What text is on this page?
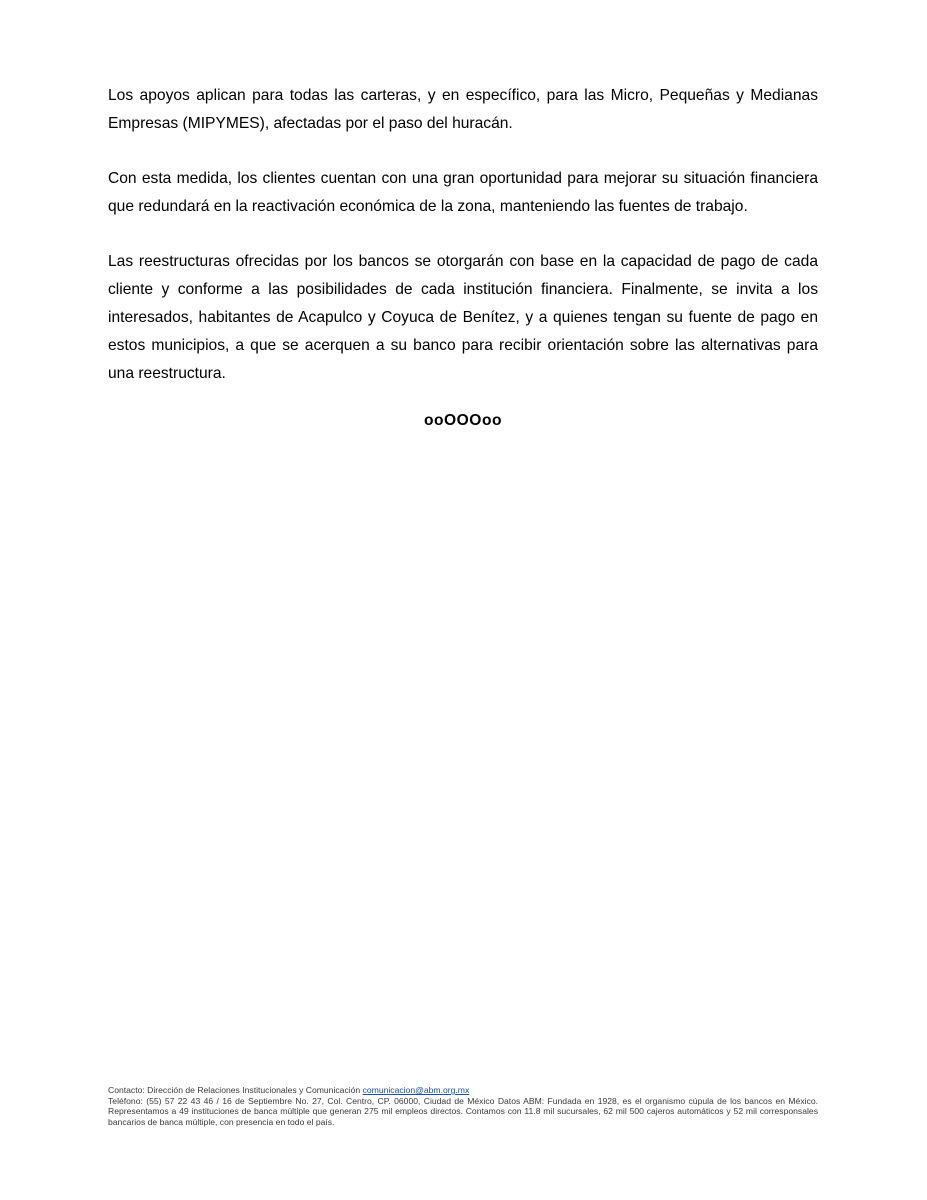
Los apoyos aplican para todas las carteras, y en específico, para las Micro, Pequeñas y Medianas Empresas (MIPYMES), afectadas por el paso del huracán.

Con esta medida, los clientes cuentan con una gran oportunidad para mejorar su situación financiera que redundará en la reactivación económica de la zona, manteniendo las fuentes de trabajo.

Las reestructuras ofrecidas por los bancos se otorgarán con base en la capacidad de pago de cada cliente y conforme a las posibilidades de cada institución financiera. Finalmente, se invita a los interesados, habitantes de Acapulco y Coyuca de Benítez, y a quienes tengan su fuente de pago en estos municipios, a que se acerquen a su banco para recibir orientación sobre las alternativas para una reestructura.

ooOOOoo
Contacto: Dirección de Relaciones Institucionales y Comunicación comunicacion@abm.org.mx
Teléfono: (55) 57 22 43 46 / 16 de Septiembre No. 27, Col. Centro, CP. 06000, Ciudad de México Datos ABM: Fundada en 1928, es el organismo cúpula de los bancos en México. Representamos a 49 instituciones de banca múltiple que generan 275 mil empleos directos. Contamos con 11.8 mil sucursales, 62 mil 500 cajeros automáticos y 52 mil corresponsales bancarios de banca múltiple, con presencia en todo el país.
